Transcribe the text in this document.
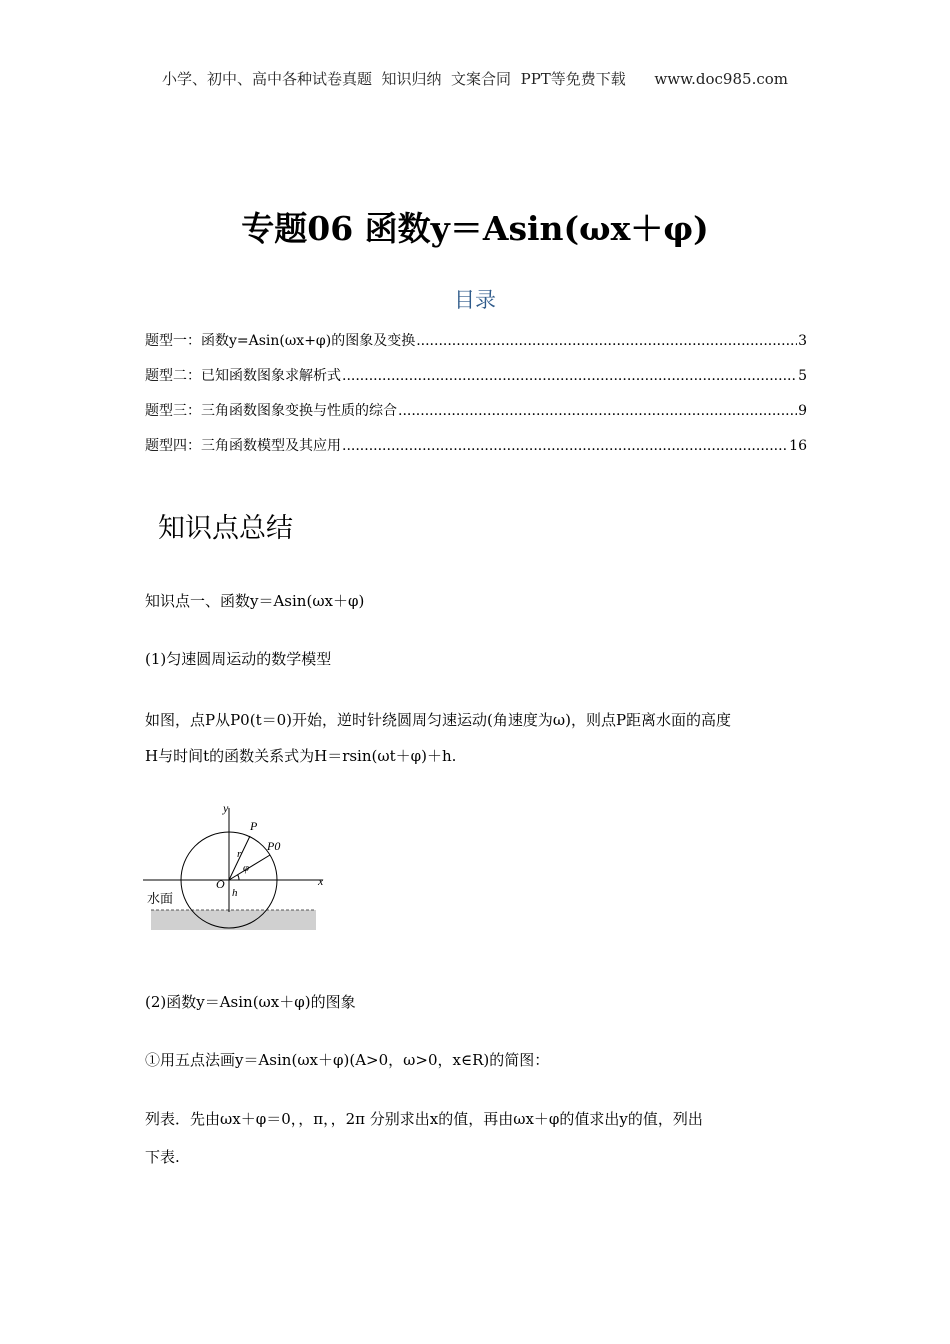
小学、初中、高中各种试卷真题  知识归纳  文案合同  PPT等免费下载      www.doc985.com
专题06 函数y＝Asin(ωx＋φ)
目录
题型一：函数y=Asin(ωx+φ)的图象及变换 .....	3
题型二：已知函数图象求解析式 .....	5
题型三：三角函数图象变换与性质的综合 .....	9
题型四：三角函数模型及其应用 .....	16
知识点总结
知识点一、函数y＝Asin(ωx＋φ)
(1)匀速圆周运动的数学模型
如图，点P从P0(t＝0)开始，逆时针绕圆周匀速运动(角速度为ω)，则点P距离水面的高度
H与时间t的函数关系式为H＝rsin(ωt＋φ)＋h.
y
x
O
P
P0
r
φ
h
水面
(2)函数y＝Asin(ωx＋φ)的图象
①用五点法画y＝Asin(ωx＋φ)(A>0，ω>0，x∈R)的简图：
列表．先由ωx＋φ＝0，，π，，2π 分别求出x的值，再由ωx＋φ的值求出y的值，列出
下表.
